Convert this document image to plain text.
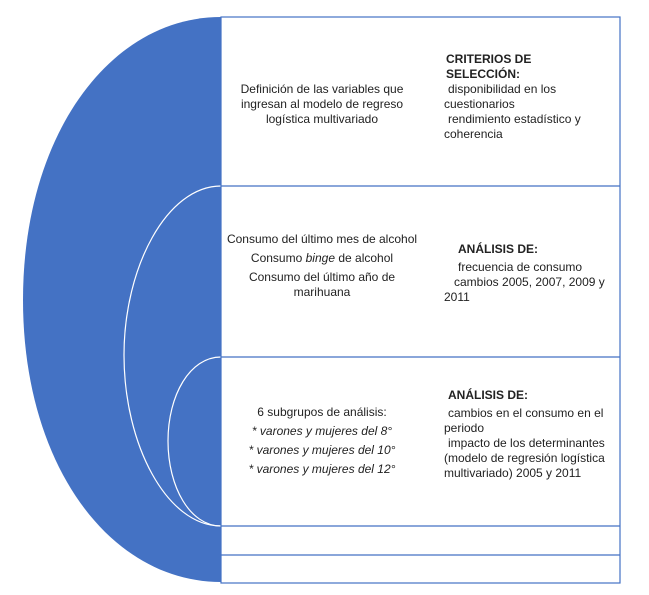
Definición de las variables que ingresan al modelo de regreso logística multivariado
CRITERIOS DE SELECCIÓN:
disponibilidad en los cuestionarios
rendimiento estadístico y coherencia
Consumo del último mes de alcohol
Consumo binge de alcohol
Consumo del último año de marihuana
ANÁLISIS DE:
frecuencia de consumo
cambios 2005, 2007, 2009 y 2011
6 subgrupos de análisis:
* varones y mujeres del 8°
* varones y mujeres del 10°
* varones y mujeres del 12°
ANÁLISIS DE:
cambios en el consumo en el periodo
impacto de los determinantes (modelo de regresión logística multivariado) 2005 y 2011
